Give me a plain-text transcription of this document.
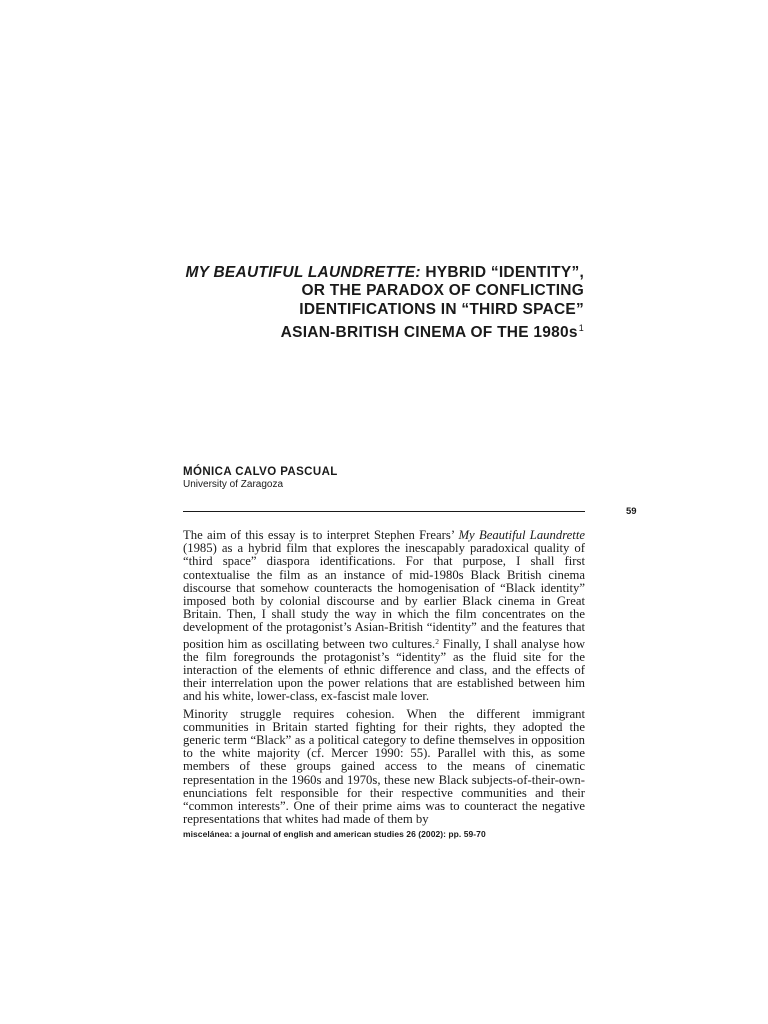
MY BEAUTIFUL LAUNDRETTE: HYBRID “IDENTITY”,
OR THE PARADOX OF CONFLICTING
IDENTIFICATIONS IN “THIRD SPACE”
ASIAN-BRITISH CINEMA OF THE $1980s^1$
MÓNICA CALVO PASCUAL
University of Zaragoza
59

The aim of this essay is to interpret Stephen Frears’ My Beautiful Laundrette (1985) as a hybrid film that explores the inescapably paradoxical quality of “third space” diaspora identifications. For that purpose, I shall first contextualise the film as an instance of mid-1980s Black British cinema discourse that somehow counteracts the homogenisation of “Black identity” imposed both by colonial discourse and by earlier Black cinema in Great Britain. Then, I shall study the way in which the film concentrates on the development of the protagonist’s Asian-British “identity” and the features that position him as oscillating between two cultures.$^2$ Finally, I shall analyse how the film foregrounds the protagonist’s “identity” as the fluid site for the interaction of the elements of ethnic difference and class, and the effects of their interrelation upon the power relations that are established between him and his white, lower-class, ex-fascist male lover.

Minority struggle requires cohesion. When the different immigrant communities in Britain started fighting for their rights, they adopted the generic term “Black” as a political category to define themselves in opposition to the white majority (cf. Mercer 1990: 55). Parallel with this, as some members of these groups gained access to the means of cinematic representation in the 1960s and 1970s, these new Black subjects-of-their-own-enunciations felt responsible for their respective communities and their “common interests”. One of their prime aims was to counteract the negative representations that whites had made of them by

miscelánea: a journal of english and american studies 26 (2002): pp. 59-70
